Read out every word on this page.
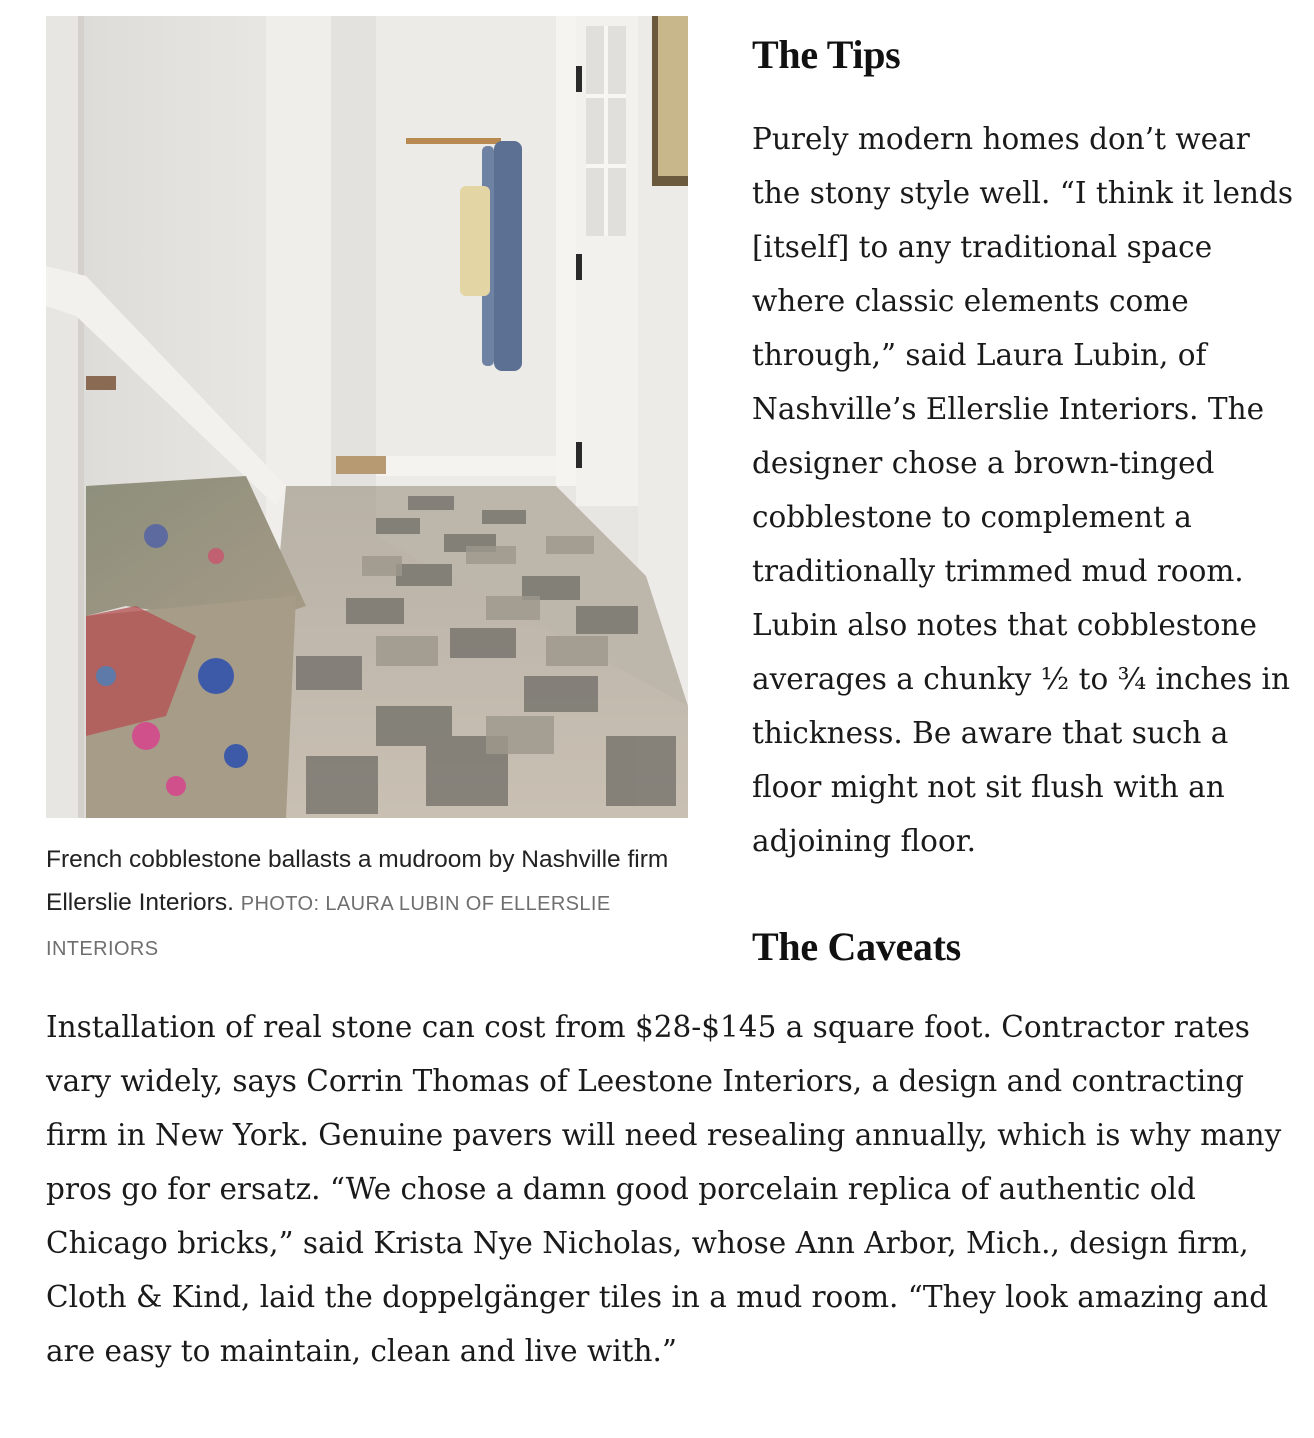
French cobblestone ballasts a mudroom by Nashville firm Ellerslie Interiors. PHOTO: LAURA LUBIN OF ELLERSLIE INTERIORS
The Tips

Purely modern homes don’t wear the stony style well. “I think it lends [itself] to any traditional space where classic elements come through,” said Laura Lubin, of Nashville’s Ellerslie Interiors. The designer chose a brown-tinged cobblestone to complement a traditionally trimmed mud room. Lubin also notes that cobblestone averages a chunky ½ to ¾ inches in thickness. Be aware that such a floor might not sit flush with an adjoining floor.

The Caveats

Installation of real stone can cost from $28-$145 a square foot. Contractor rates vary widely, says Corrin Thomas of Leestone Interiors, a design and contracting firm in New York. Genuine pavers will need resealing annually, which is why many pros go for ersatz. “We chose a damn good porcelain replica of authentic old Chicago bricks,” said Krista Nye Nicholas, whose Ann Arbor, Mich., design firm, Cloth & Kind, laid the doppelgänger tiles in a mud room. “They look amazing and are easy to maintain, clean and live with.”
